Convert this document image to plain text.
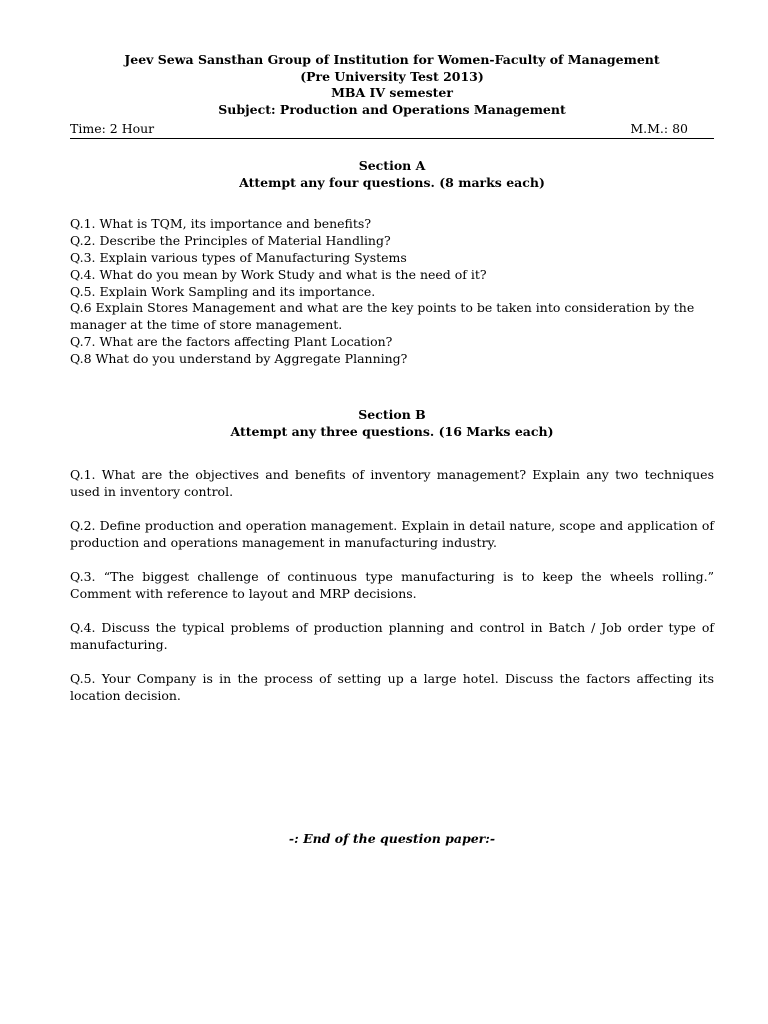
Jeev Sewa Sansthan Group of Institution for Women-Faculty of Management

(Pre University Test 2013)

MBA IV semester

Subject: Production and Operations Management

Time: 2 Hour	M.M.: 80

Section A

Attempt any four questions. (8 marks each)

Q.1. What is TQM, its importance and benefits?

Q.2. Describe the Principles of Material Handling?

Q.3. Explain various types of Manufacturing Systems

Q.4. What do you mean by Work Study and what is the need of it?

Q.5. Explain Work Sampling and its importance.

Q.6 Explain Stores Management and what are the key points to be taken into consideration by the manager at the time of store management.

Q.7. What are the factors affecting Plant Location?

Q.8 What do you understand by Aggregate Planning?

Section B

Attempt any three questions. (16 Marks each)

Q.1. What are the objectives and benefits of inventory management? Explain any two techniques used in inventory control.

Q.2. Define production and operation management. Explain in detail nature, scope and application of production and operations management in manufacturing industry.

Q.3. “The biggest challenge of continuous type manufacturing is to keep the wheels rolling.” Comment with reference to layout and MRP decisions.

Q.4. Discuss the typical problems of production planning and control in Batch / Job order type of manufacturing.

Q.5. Your Company is in the process of setting up a large hotel. Discuss the factors affecting its location decision.

-: End of the question paper:-
